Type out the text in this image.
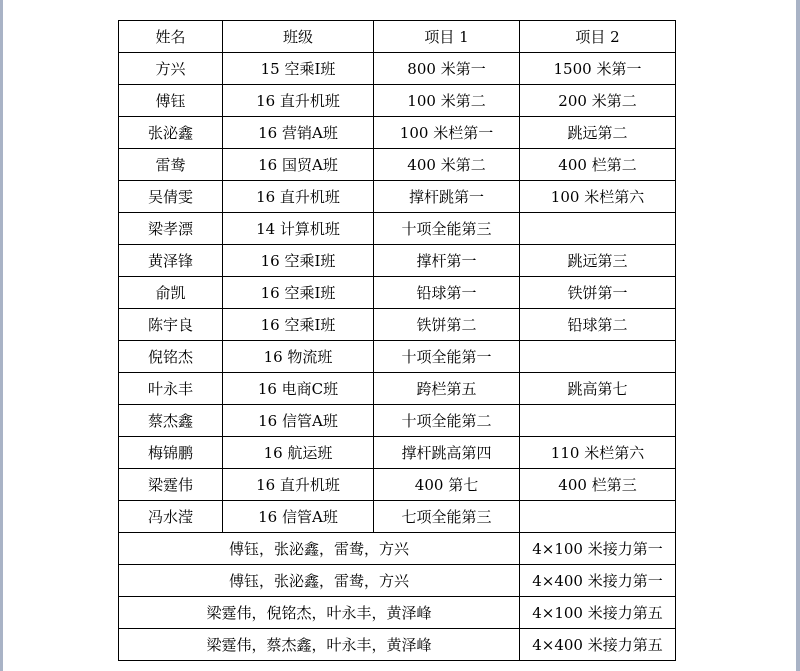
姓名	班级	项目 1	项目 2
方兴	15 空乘I班	800 米第一	1500 米第一
傅钰	16 直升机班	100 米第二	200 米第二
张泌鑫	16 营销A班	100 米栏第一	跳远第二
雷鸯	16 国贸A班	400 米第二	400 栏第二
吴倩雯	16 直升机班	撑杆跳第一	100 米栏第六
梁孝漂	14 计算机班	十项全能第三	
黄泽锋	16 空乘I班	撑杆第一	跳远第三
俞凯	16 空乘I班	铅球第一	铁饼第一
陈宇良	16 空乘I班	铁饼第二	铅球第二
倪铭杰	16 物流班	十项全能第一	
叶永丰	16 电商C班	跨栏第五	跳高第七
蔡杰鑫	16 信管A班	十项全能第二	
梅锦鹏	16 航运班	撑杆跳高第四	110 米栏第六
梁霆伟	16 直升机班	400 第七	400 栏第三
冯水滢	16 信管A班	七项全能第三	
傅钰，张泌鑫，雷鸯，方兴			4×100 米接力第一
傅钰，张泌鑫，雷鸯，方兴			4×400 米接力第一
梁霆伟，倪铭杰，叶永丰，黄泽峰			4×100 米接力第五
梁霆伟，蔡杰鑫，叶永丰，黄泽峰			4×400 米接力第五
